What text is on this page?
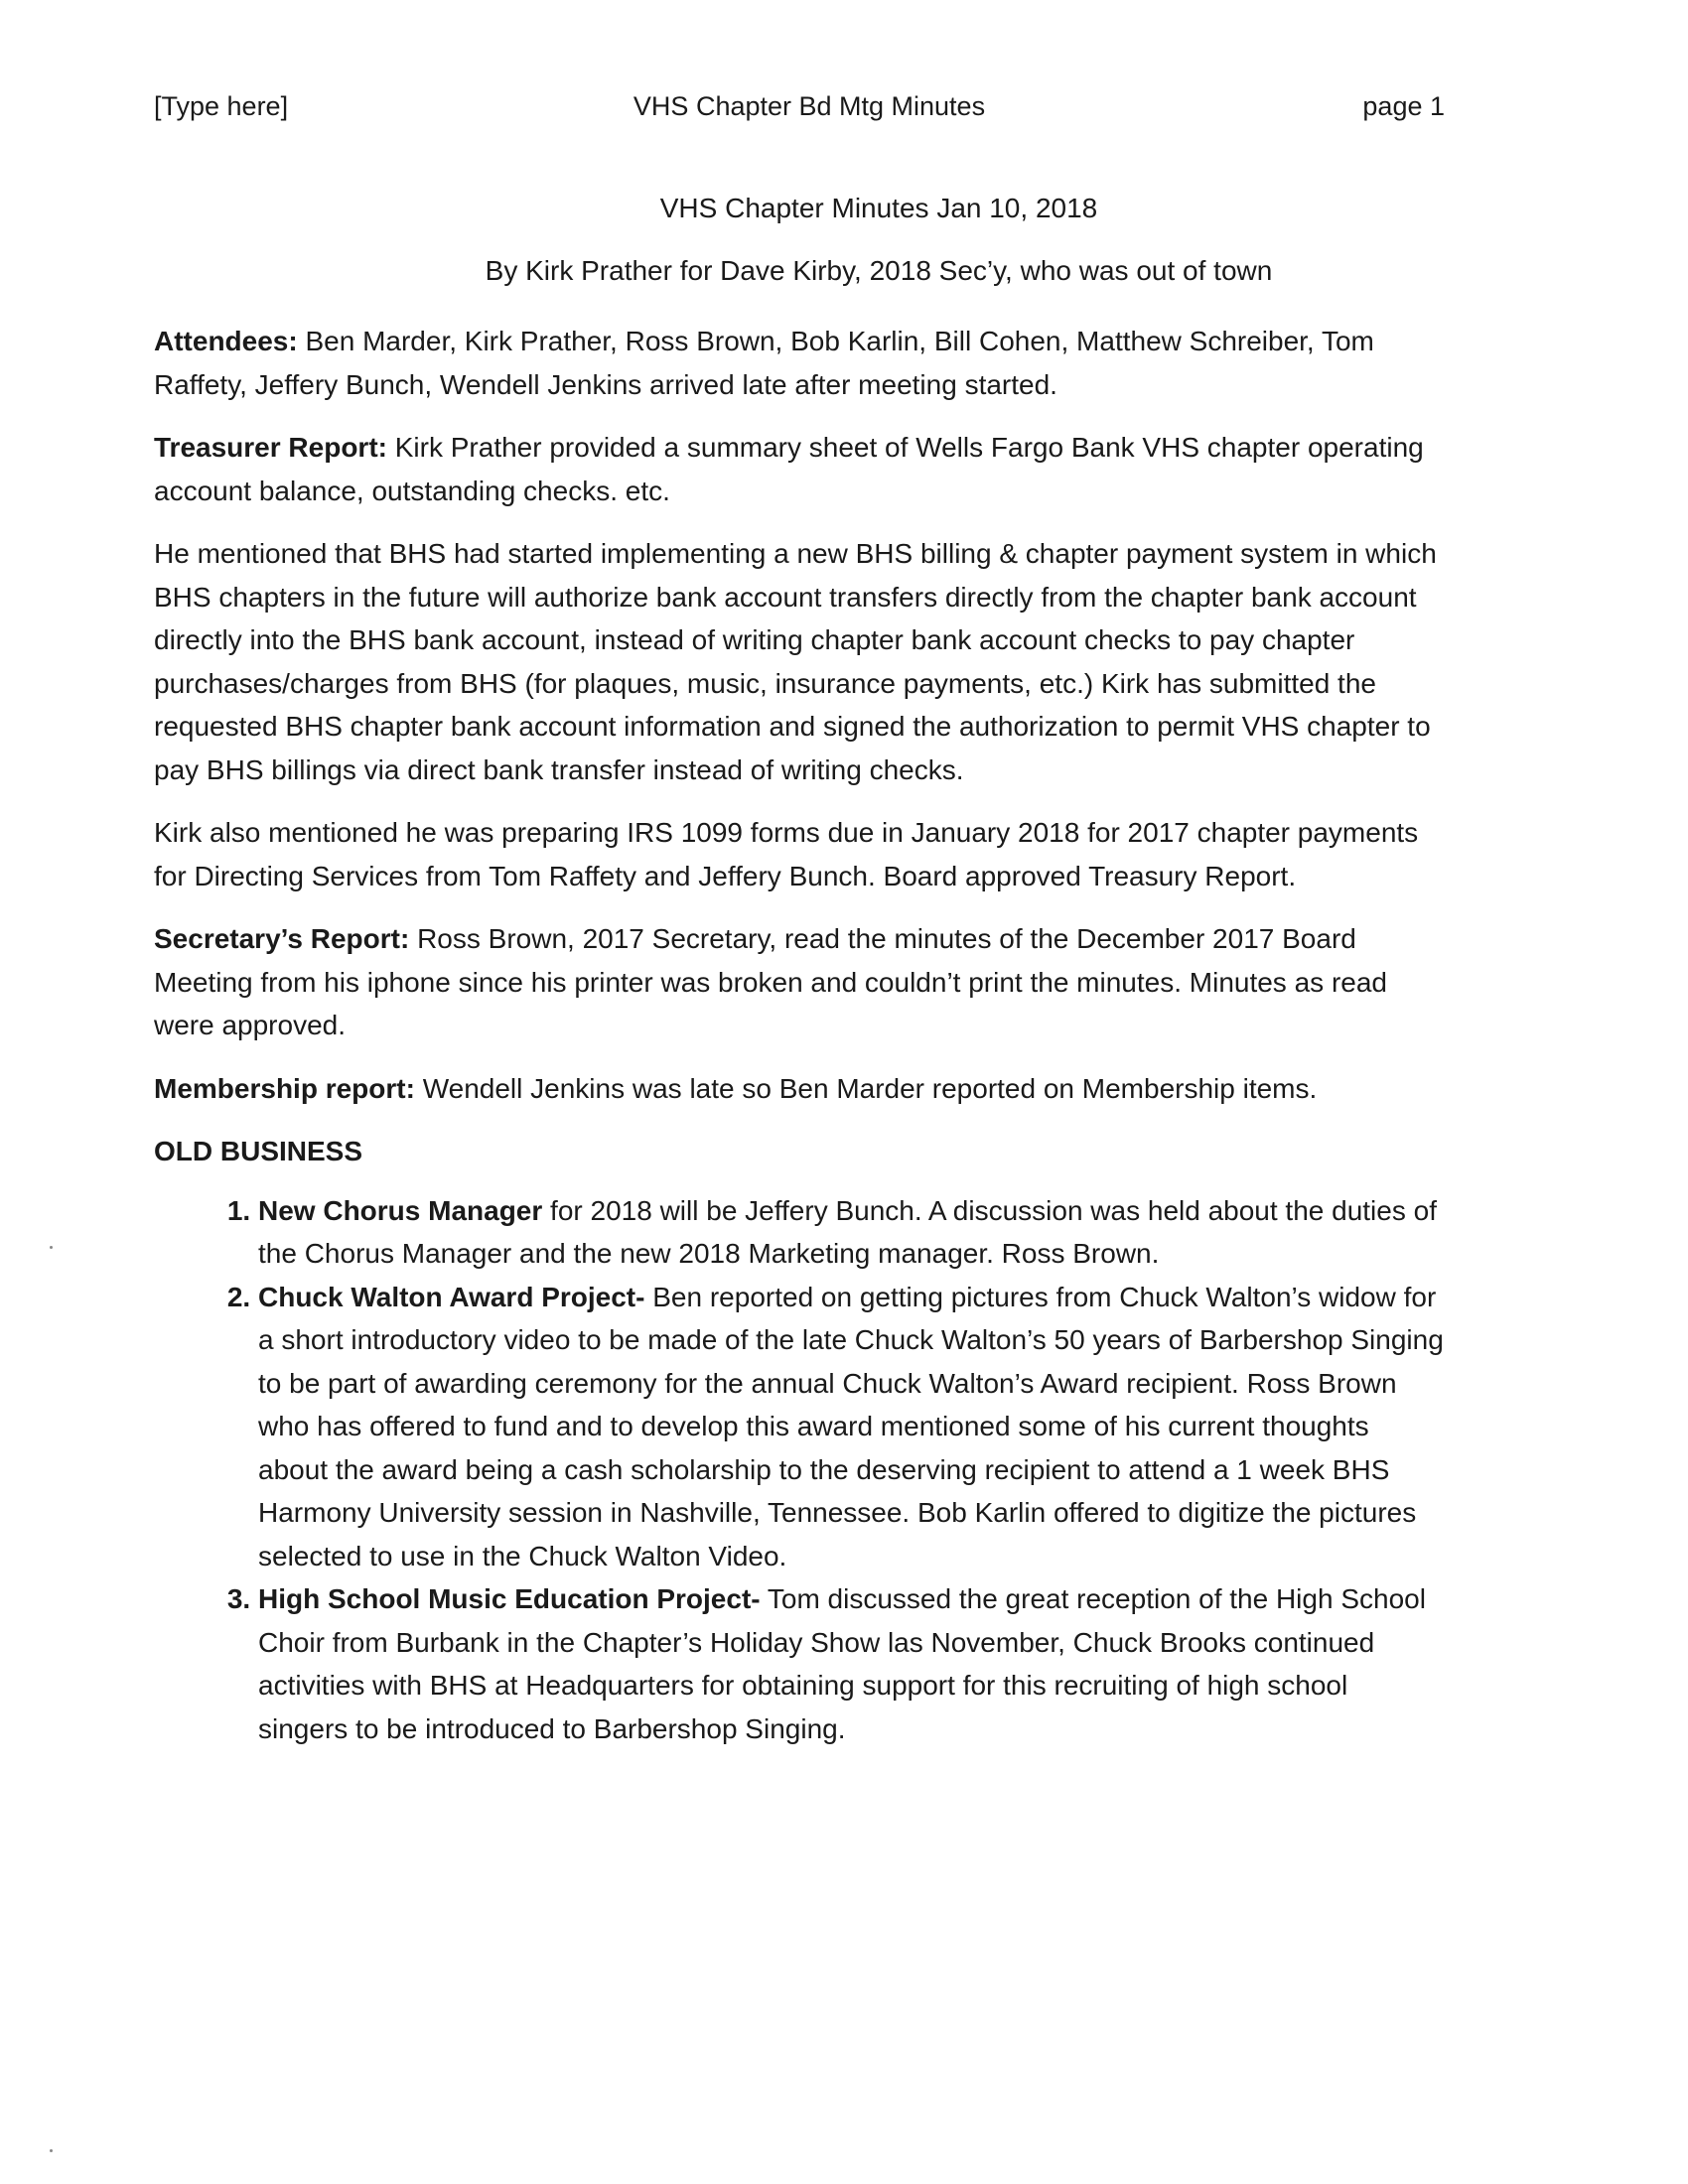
[Type here]	VHS Chapter Bd Mtg Minutes	page 1
VHS Chapter Minutes Jan 10, 2018
By Kirk Prather for Dave Kirby, 2018 Sec’y, who was out of town

Attendees: Ben Marder, Kirk Prather, Ross Brown, Bob Karlin, Bill Cohen, Matthew Schreiber, Tom Raffety, Jeffery Bunch, Wendell Jenkins arrived late after meeting started.

Treasurer Report: Kirk Prather provided a summary sheet of Wells Fargo Bank VHS chapter operating account balance, outstanding checks. etc.

He mentioned that BHS had started implementing a new BHS billing & chapter payment system in which BHS chapters in the future will authorize bank account transfers directly from the chapter bank account directly into the BHS bank account, instead of writing chapter bank account checks to pay chapter purchases/charges from BHS (for plaques, music, insurance payments, etc.) Kirk has submitted the requested BHS chapter bank account information and signed the authorization to permit VHS chapter to pay BHS billings via direct bank transfer instead of writing checks.

Kirk also mentioned he was preparing IRS 1099 forms due in January 2018 for 2017 chapter payments for Directing Services from Tom Raffety and Jeffery Bunch. Board approved Treasury Report.

Secretary’s Report: Ross Brown, 2017 Secretary, read the minutes of the December 2017 Board Meeting from his iphone since his printer was broken and couldn’t print the minutes. Minutes as read were approved.

Membership report: Wendell Jenkins was late so Ben Marder reported on Membership items.

OLD BUSINESS
1. New Chorus Manager for 2018 will be Jeffery Bunch. A discussion was held about the duties of the Chorus Manager and the new 2018 Marketing manager. Ross Brown.
2. Chuck Walton Award Project- Ben reported on getting pictures from Chuck Walton’s widow for a short introductory video to be made of the late Chuck Walton’s 50 years of Barbershop Singing to be part of awarding ceremony for the annual Chuck Walton’s Award recipient. Ross Brown who has offered to fund and to develop this award mentioned some of his current thoughts about the award being a cash scholarship to the deserving recipient to attend a 1 week BHS Harmony University session in Nashville, Tennessee. Bob Karlin offered to digitize the pictures selected to use in the Chuck Walton Video.
3. High School Music Education Project- Tom discussed the great reception of the High School Choir from Burbank in the Chapter’s Holiday Show las November, Chuck Brooks continued activities with BHS at Headquarters for obtaining support for this recruiting of high school singers to be introduced to Barbershop Singing.
